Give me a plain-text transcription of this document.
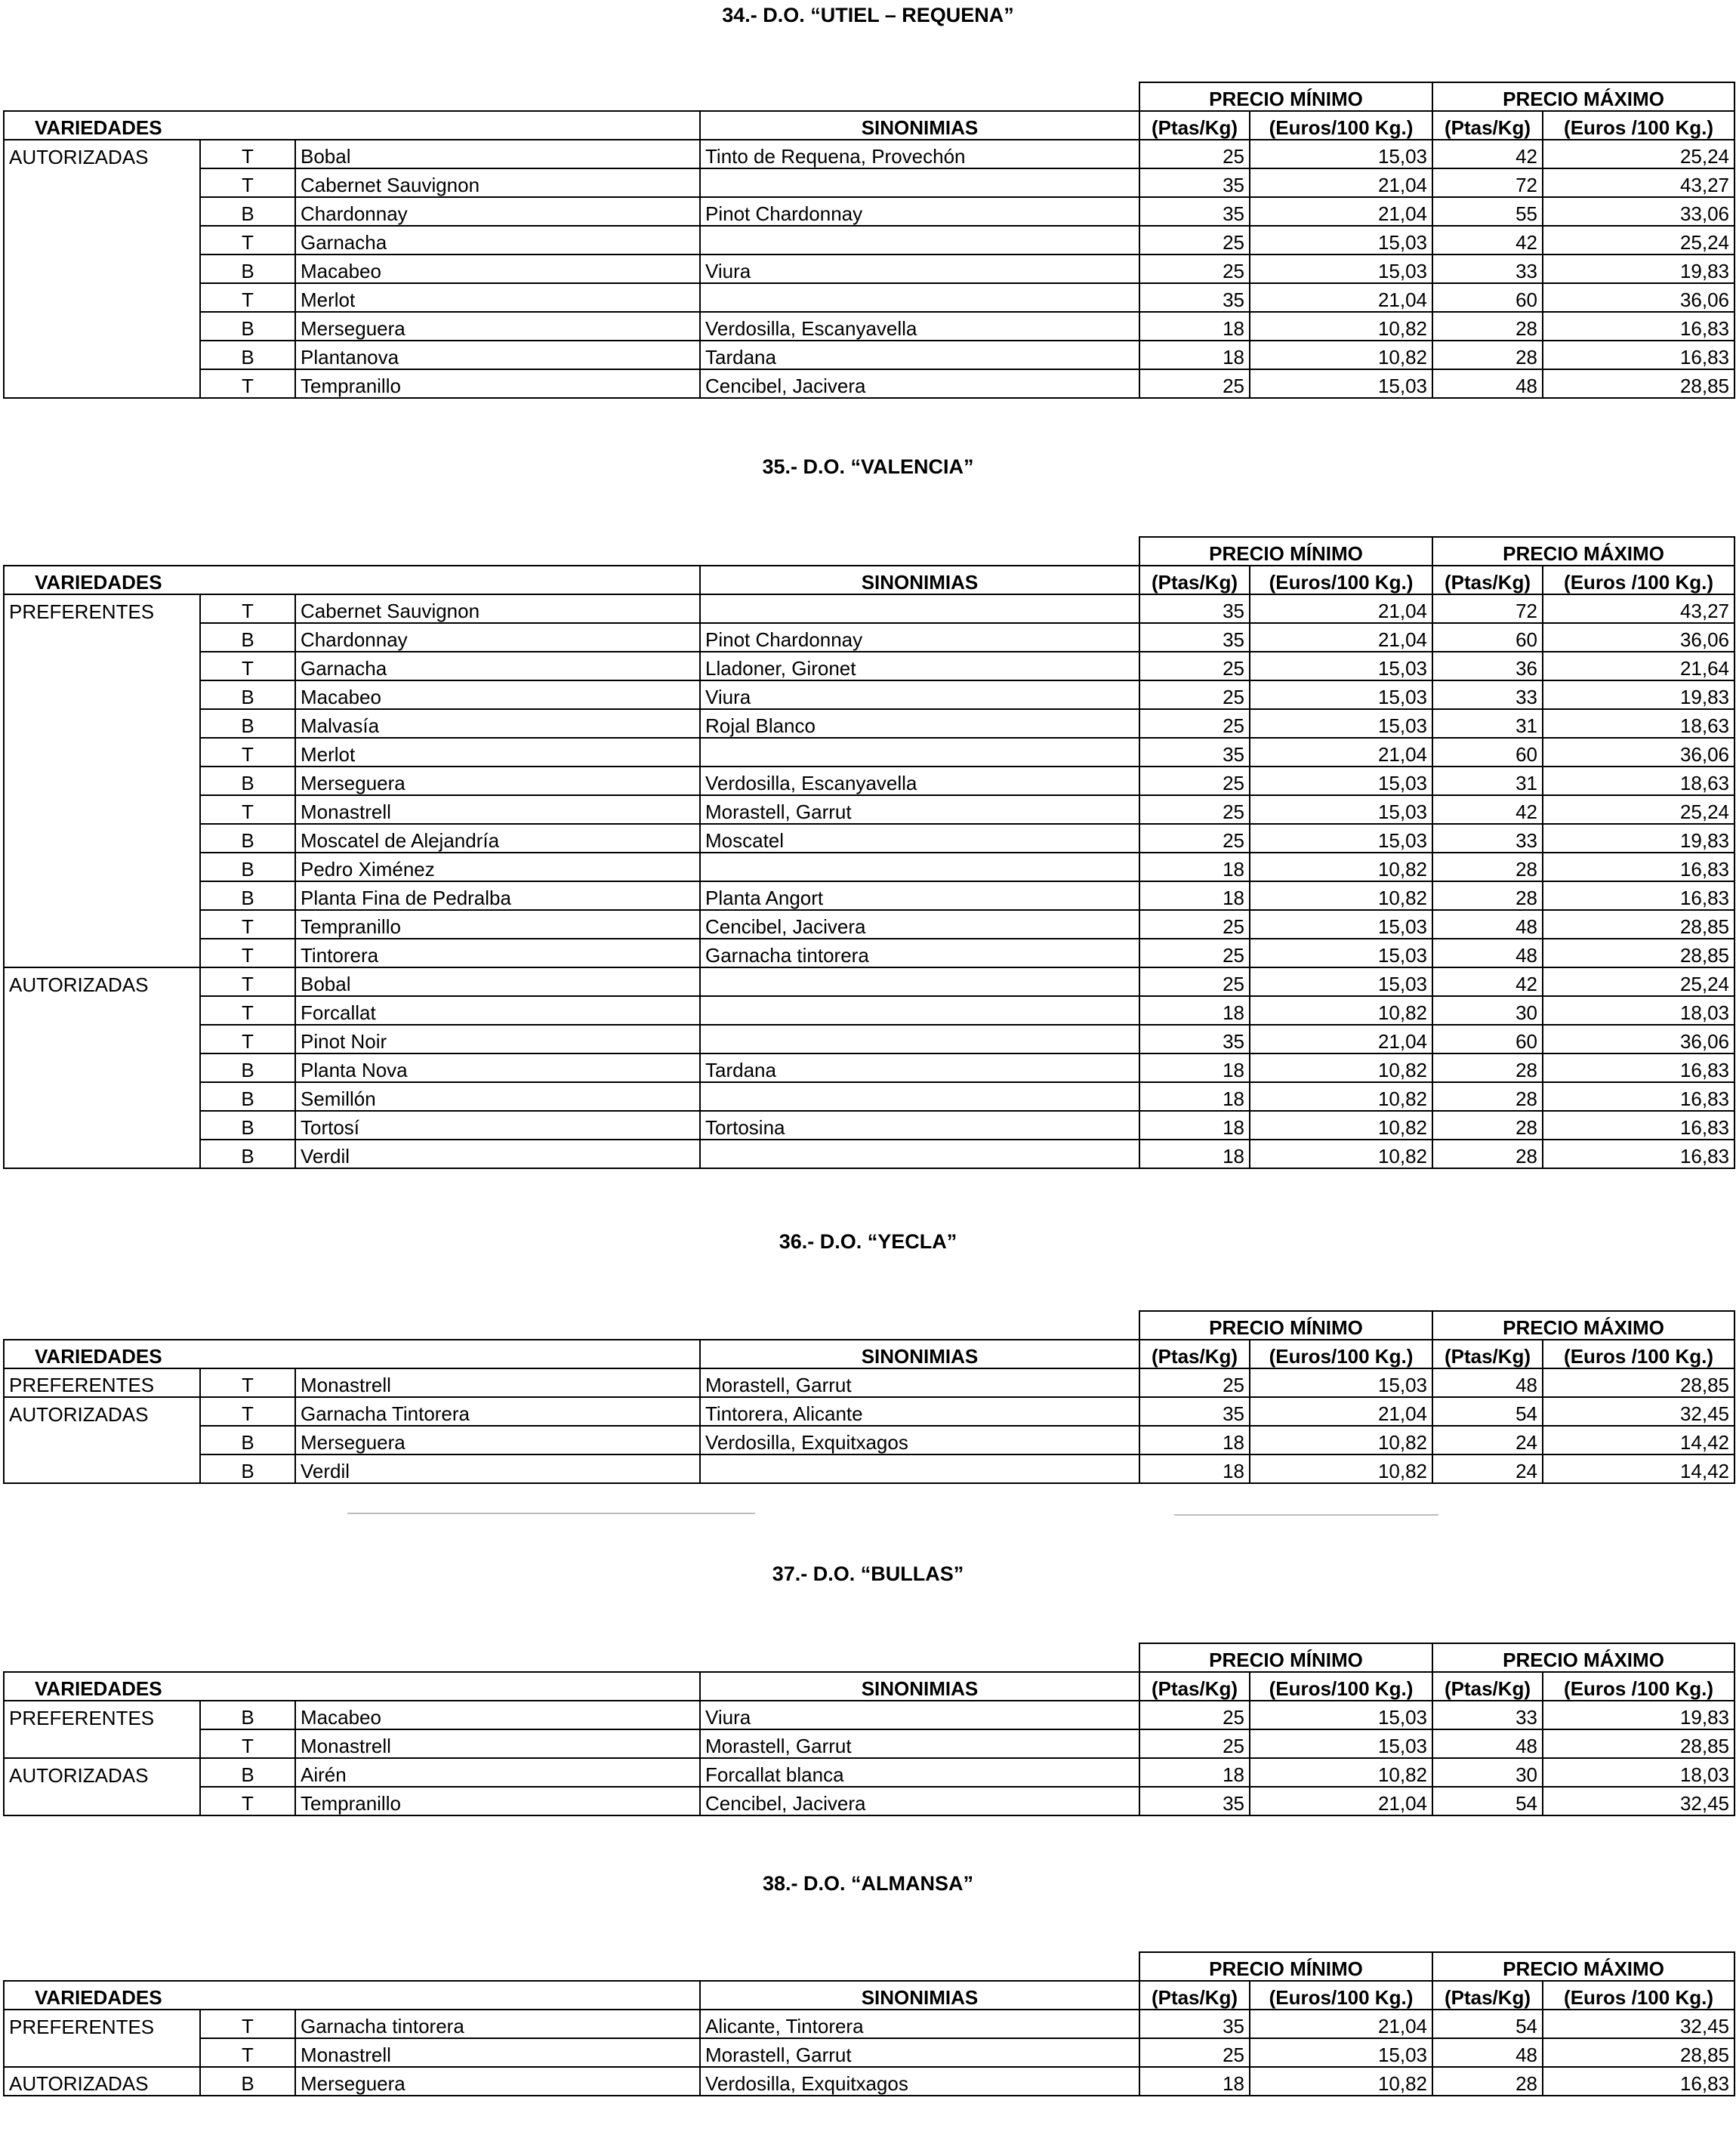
34.- D.O. “UTIEL – REQUENA”
				PRECIO MÍNIMO		PRECIO MÁXIMO	
VARIEDADES			SINONIMIAS	(Ptas/Kg)	(Euros/100 Kg.)	(Ptas/Kg)	(Euros /100 Kg.)
AUTORIZADAS	T	Bobal	Tinto de Requena, Provechón	25	15,03	42	25,24
	T	Cabernet Sauvignon		35	21,04	72	43,27
	B	Chardonnay	Pinot Chardonnay	35	21,04	55	33,06
	T	Garnacha		25	15,03	42	25,24
	B	Macabeo	Viura	25	15,03	33	19,83
	T	Merlot		35	21,04	60	36,06
	B	Merseguera	Verdosilla, Escanyavella	18	10,82	28	16,83
	B	Plantanova	Tardana	18	10,82	28	16,83
	T	Tempranillo	Cencibel, Jacivera	25	15,03	48	28,85
35.- D.O. “VALENCIA”
				PRECIO MÍNIMO		PRECIO MÁXIMO	
VARIEDADES			SINONIMIAS	(Ptas/Kg)	(Euros/100 Kg.)	(Ptas/Kg)	(Euros /100 Kg.)
PREFERENTES	T	Cabernet Sauvignon		35	21,04	72	43,27
	B	Chardonnay	Pinot Chardonnay	35	21,04	60	36,06
	T	Garnacha	Lladoner, Gironet	25	15,03	36	21,64
	B	Macabeo	Viura	25	15,03	33	19,83
	B	Malvasía	Rojal Blanco	25	15,03	31	18,63
	T	Merlot		35	21,04	60	36,06
	B	Merseguera	Verdosilla, Escanyavella	25	15,03	31	18,63
	T	Monastrell	Morastell, Garrut	25	15,03	42	25,24
	B	Moscatel de Alejandría	Moscatel	25	15,03	33	19,83
	B	Pedro Ximénez		18	10,82	28	16,83
	B	Planta Fina de Pedralba	Planta Angort	18	10,82	28	16,83
	T	Tempranillo	Cencibel, Jacivera	25	15,03	48	28,85
	T	Tintorera	Garnacha tintorera	25	15,03	48	28,85
AUTORIZADAS	T	Bobal		25	15,03	42	25,24
	T	Forcallat		18	10,82	30	18,03
	T	Pinot Noir		35	21,04	60	36,06
	B	Planta Nova	Tardana	18	10,82	28	16,83
	B	Semillón		18	10,82	28	16,83
	B	Tortosí	Tortosina	18	10,82	28	16,83
	B	Verdil		18	10,82	28	16,83
36.- D.O. “YECLA”
				PRECIO MÍNIMO		PRECIO MÁXIMO	
VARIEDADES			SINONIMIAS	(Ptas/Kg)	(Euros/100 Kg.)	(Ptas/Kg)	(Euros /100 Kg.)
PREFERENTES	T	Monastrell	Morastell, Garrut	25	15,03	48	28,85
AUTORIZADAS	T	Garnacha Tintorera	Tintorera, Alicante	35	21,04	54	32,45
	B	Merseguera	Verdosilla, Exquitxagos	18	10,82	24	14,42
	B	Verdil		18	10,82	24	14,42
37.- D.O. “BULLAS”
				PRECIO MÍNIMO		PRECIO MÁXIMO	
VARIEDADES			SINONIMIAS	(Ptas/Kg)	(Euros/100 Kg.)	(Ptas/Kg)	(Euros /100 Kg.)
PREFERENTES	B	Macabeo	Viura	25	15,03	33	19,83
	T	Monastrell	Morastell, Garrut	25	15,03	48	28,85
AUTORIZADAS	B	Airén	Forcallat blanca	18	10,82	30	18,03
	T	Tempranillo	Cencibel, Jacivera	35	21,04	54	32,45
38.- D.O. “ALMANSA”
				PRECIO MÍNIMO		PRECIO MÁXIMO	
VARIEDADES			SINONIMIAS	(Ptas/Kg)	(Euros/100 Kg.)	(Ptas/Kg)	(Euros /100 Kg.)
PREFERENTES	T	Garnacha tintorera	Alicante, Tintorera	35	21,04	54	32,45
	T	Monastrell	Morastell, Garrut	25	15,03	48	28,85
AUTORIZADAS	B	Merseguera	Verdosilla, Exquitxagos	18	10,82	28	16,83
